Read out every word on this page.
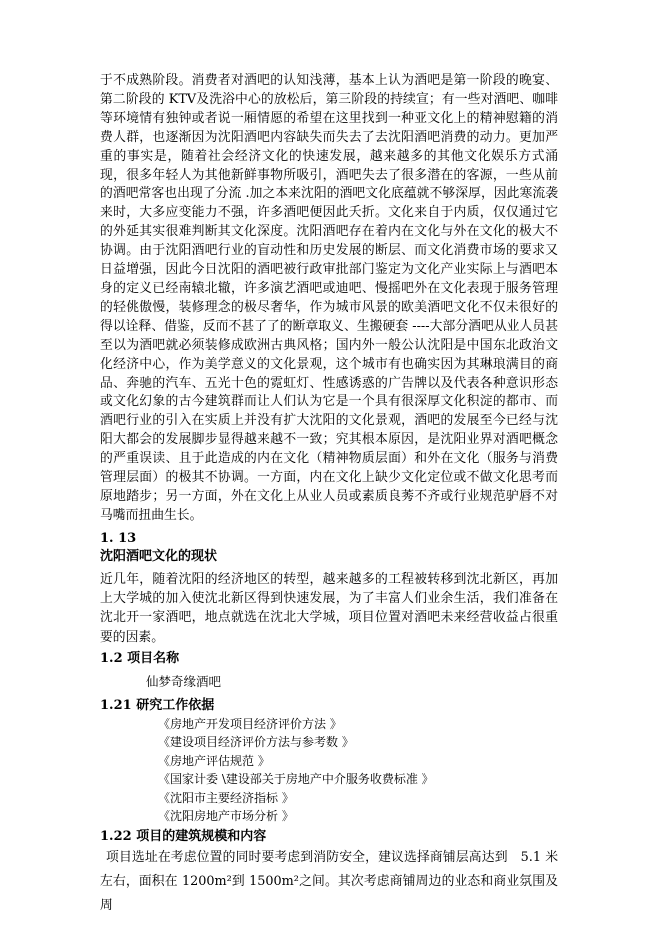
于不成熟阶段。消费者对酒吧的认知浅薄，基本上认为酒吧是第一阶段的晚宴、第二阶段的 KTV及洗浴中心的放松后，第三阶段的持续宣；有一些对酒吧、咖啡等环境情有独钟或者说一厢情愿的希望在这里找到一种亚文化上的精神慰籍的消费人群，也逐渐因为沈阳酒吧内容缺失而失去了去沈阳酒吧消费的动力。更加严重的事实是，随着社会经济文化的快速发展，越来越多的其他文化娱乐方式涌现，很多年轻人为其他新鲜事物所吸引，酒吧失去了很多潜在的客源，一些从前的酒吧常客也出现了分流 .加之本来沈阳的酒吧文化底蕴就不够深厚，因此寒流袭来时，大多应变能力不强，许多酒吧便因此夭折。文化来自于内质，仅仅通过它的外延其实很难判断其文化深度。沈阳酒吧存在着内在文化与外在文化的极大不协调。由于沈阳酒吧行业的盲动性和历史发展的断层、而文化消费市场的要求又日益增强，因此今日沈阳的酒吧被行政审批部门鉴定为文化产业实际上与酒吧本身的定义已经南辕北辙，许多演艺酒吧或迪吧、慢摇吧外在文化表现于服务管理的轻佻傲慢，装修理念的极尽奢华，作为城市风景的欧美酒吧文化不仅未很好的得以诠释、借鉴，反而不甚了了的断章取义、生搬硬套 ----大部分酒吧从业人员甚至以为酒吧就必须装修成欧洲古典风格；国内外一般公认沈阳是中国东北政治文化经济中心，作为美学意义的文化景观，这个城市有也确实因为其琳琅满目的商品、奔驰的汽车、五光十色的霓虹灯、性感诱惑的广告牌以及代表各种意识形态或文化幻象的古今建筑群而让人们认为它是一个具有很深厚文化积淀的都市、而酒吧行业的引入在实质上并没有扩大沈阳的文化景观，酒吧的发展至今已经与沈阳大都会的发展脚步显得越来越不一致；究其根本原因，是沈阳业界对酒吧概念的严重误读、且于此造成的内在文化（精神物质层面）和外在文化（服务与消费管理层面）的极其不协调。一方面，内在文化上缺少文化定位或不做文化思考而原地踏步；另一方面，外在文化上从业人员或素质良莠不齐或行业规范驴唇不对马嘴而扭曲生长。

1. 13

沈阳酒吧文化的现状

近几年，随着沈阳的经济地区的转型，越来越多的工程被转移到沈北新区，再加上大学城的加入使沈北新区得到快速发展，为了丰富人们业余生活，我们准备在沈北开一家酒吧，地点就选在沈北大学城，项目位置对酒吧未来经营收益占很重要的因素。

1.2 项目名称

仙梦奇缘酒吧

1.21 研究工作依据

《房地产开发项目经济评价方法 》
《建设项目经济评价方法与参考数 》
《房地产评估规范 》
《国家计委 \建设部关于房地产中介服务收费标准 》
《沈阳市主要经济指标 》
《沈阳房地产市场分析 》

1.22 项目的建筑规模和内容

项目选址在考虑位置的同时要考虑到消防安全，建议选择商铺层高达到　5.1 米左右，面积在 1200m²到 1500m²之间。其次考虑商铺周边的业态和商业氛围及周
